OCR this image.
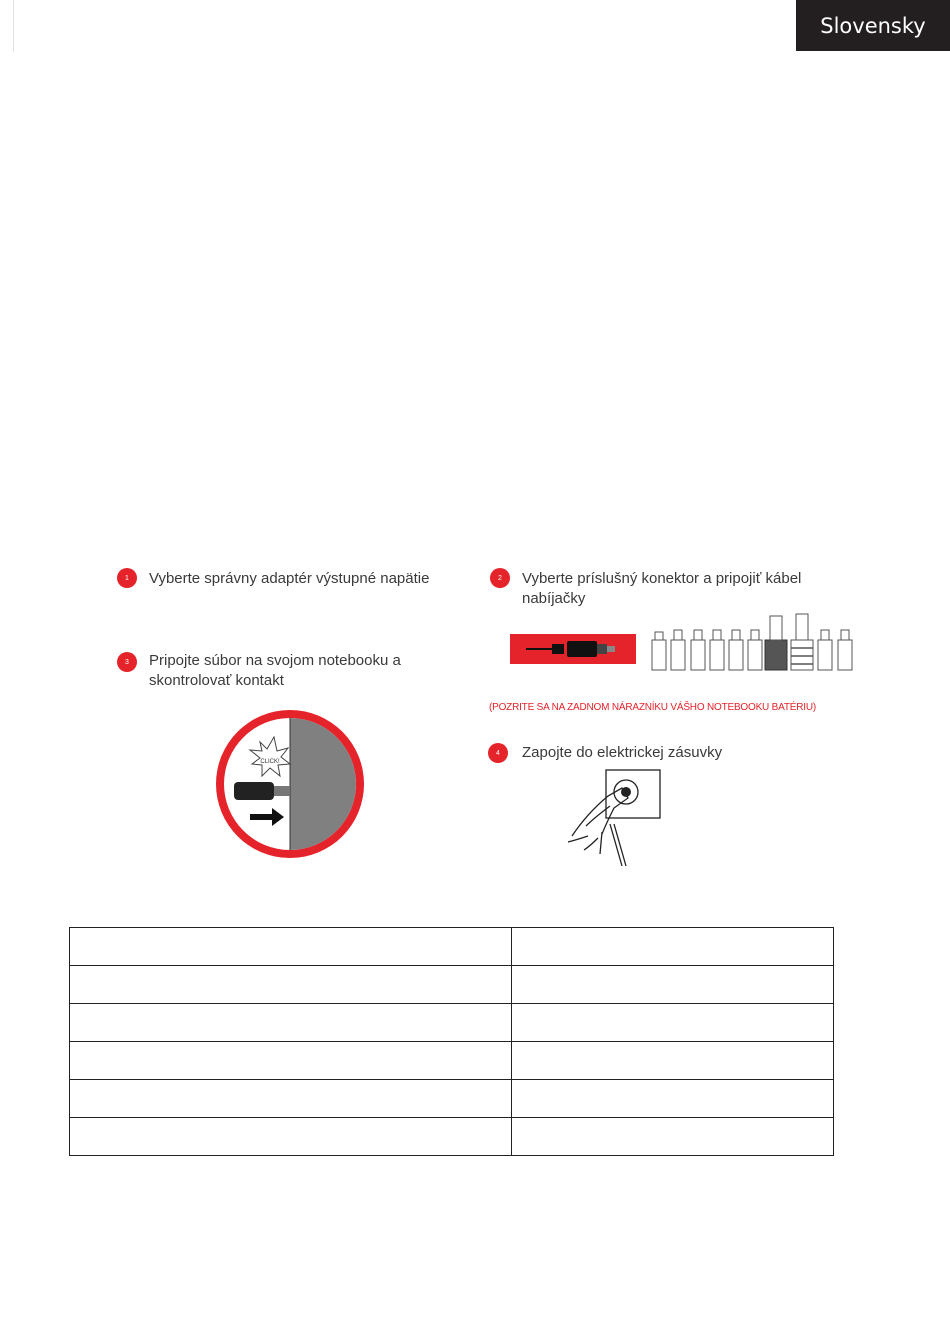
Slovensky
1	Vyberte správny adaptér výstupné napätie	2	Vyberte príslušný konektor a pripojiť kábel nabíjačky
3	Pripojte súbor na svojom notebooku a skontrolovať kontakt
4	Zapojte do elektrickej zásuvky
(POZRITE SA NA ZADNOM NÁRAZNÍKU VÁŠHO NOTEBOOKU BATÉRIU)
CLICK!
